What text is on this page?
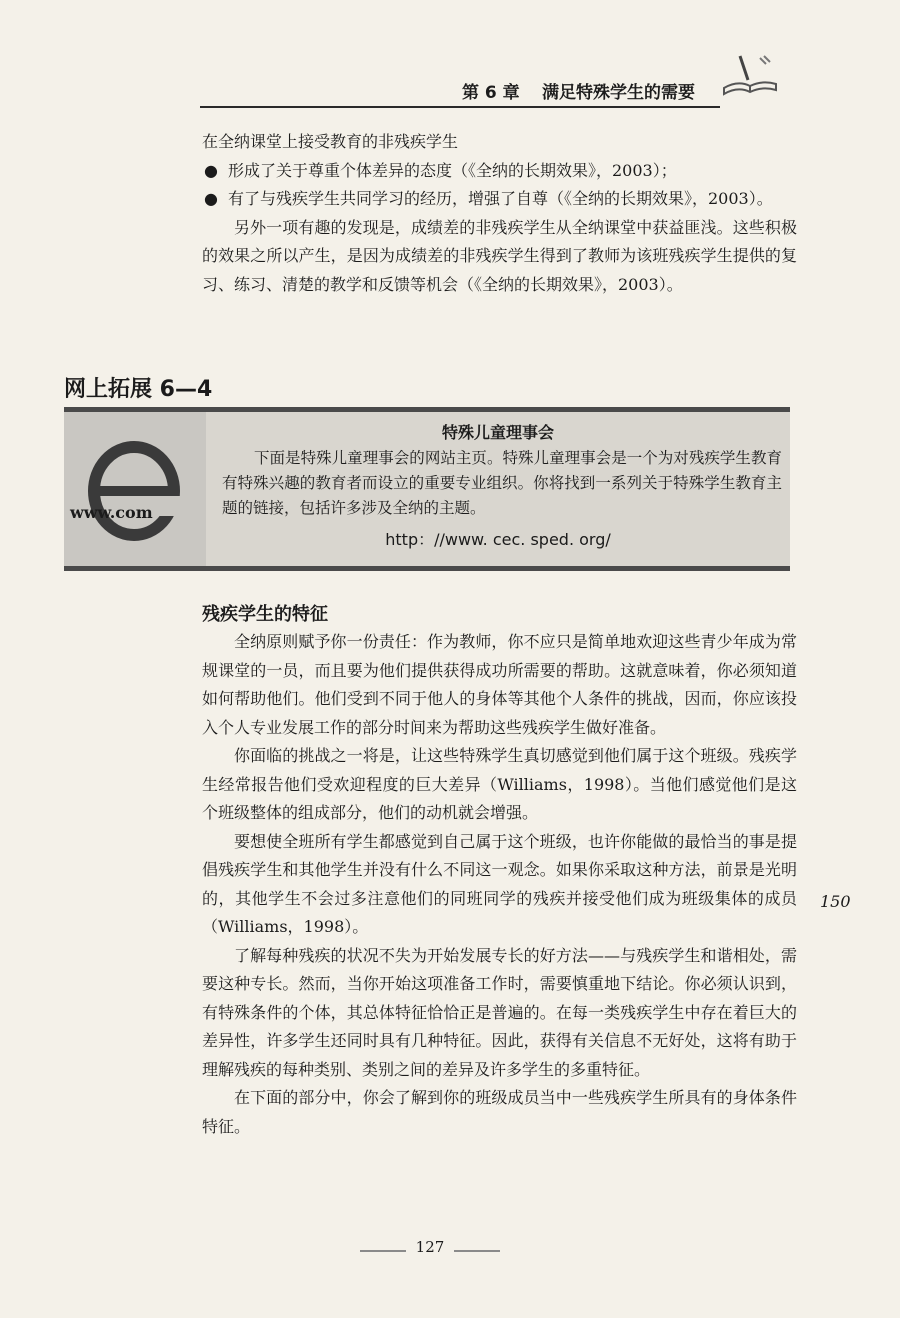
第 6 章 满足特殊学生的需要
在全纳课堂上接受教育的非残疾学生
● 形成了关于尊重个体差异的态度（《全纳的长期效果》，2003）；
● 有了与残疾学生共同学习的经历，增强了自尊（《全纳的长期效果》，2003）。

另外一项有趣的发现是，成绩差的非残疾学生从全纳课堂中获益匪浅。这些积极的效果之所以产生，是因为成绩差的非残疾学生得到了教师为该班残疾学生提供的复习、练习、清楚的教学和反馈等机会（《全纳的长期效果》，2003）。

网上拓展 6—4
www.com
特殊儿童理事会
下面是特殊儿童理事会的网站主页。特殊儿童理事会是一个为对残疾学生教育有特殊兴趣的教育者而设立的重要专业组织。你将找到一系列关于特殊学生教育主题的链接，包括许多涉及全纳的主题。
http：//www. cec. sped. org/
残疾学生的特征

全纳原则赋予你一份责任：作为教师，你不应只是简单地欢迎这些青少年成为常规课堂的一员，而且要为他们提供获得成功所需要的帮助。这就意味着，你必须知道如何帮助他们。他们受到不同于他人的身体等其他个人条件的挑战，因而，你应该投入个人专业发展工作的部分时间来为帮助这些残疾学生做好准备。

你面临的挑战之一将是，让这些特殊学生真切感觉到他们属于这个班级。残疾学生经常报告他们受欢迎程度的巨大差异（Williams，1998）。当他们感觉他们是这个班级整体的组成部分，他们的动机就会增强。

要想使全班所有学生都感觉到自己属于这个班级，也许你能做的最恰当的事是提倡残疾学生和其他学生并没有什么不同这一观念。如果你采取这种方法，前景是光明的，其他学生不会过多注意他们的同班同学的残疾并接受他们成为班级集体的成员（Williams，1998）。

了解每种残疾的状况不失为开始发展专长的好方法——与残疾学生和谐相处，需要这种专长。然而，当你开始这项准备工作时，需要慎重地下结论。你必须认识到，有特殊条件的个体，其总体特征恰恰正是普遍的。在每一类残疾学生中存在着巨大的差异性，许多学生还同时具有几种特征。因此，获得有关信息不无好处，这将有助于理解残疾的每种类别、类别之间的差异及许多学生的多重特征。

在下面的部分中，你会了解到你的班级成员当中一些残疾学生所具有的身体条件特征。

150
127
